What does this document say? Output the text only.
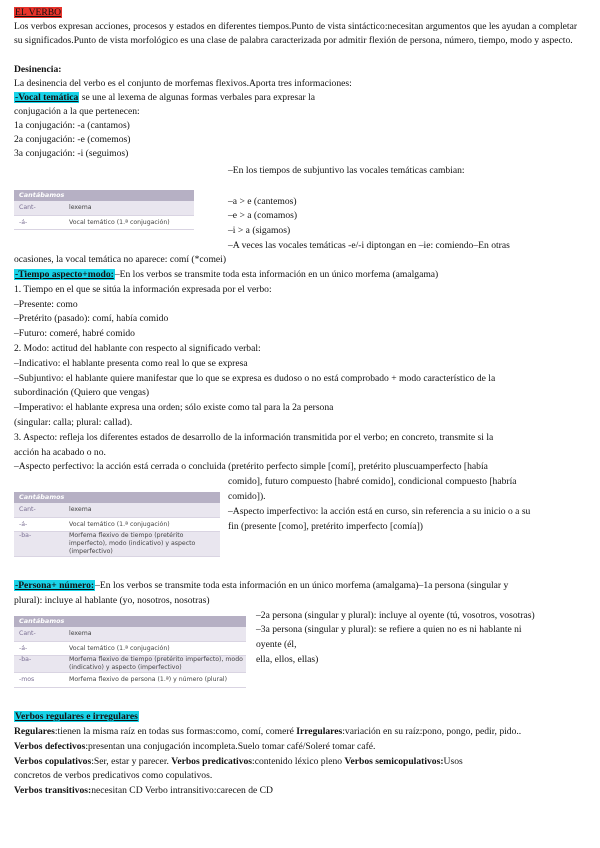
EL VERBO
Los verbos expresan acciones, procesos y estados en diferentes tiempos.Punto de vista sintáctico:necesitan argumentos que les ayudan a completar su significados.Punto de vista morfológico es una clase de palabra caracterizada por admitir flexión de persona, número, tiempo, modo y aspecto.
Desinencia:
La desinencia del verbo es el conjunto de morfemas flexivos.Aporta tres informaciones:
-Vocal temática se une al lexema de algunas formas verbales para expresar la
conjugación a la que pertenecen:
1a conjugación: -a (cantamos)
2a conjugación: -e (comemos)
3a conjugación: -i (seguimos)
–En los tiempos de subjuntivo las vocales temáticas cambian:
Cantábamos
Cant-	lexema
-á-	Vocal temático (1.ª conjugación)
–a > e (cantemos)
–e > a (comamos)
–i > a (sigamos)
–A veces las vocales temáticas -e/-i diptongan en –ie: comiendo–En otras
ocasiones, la vocal temática no aparece: comí (*comei)
-Tiempo aspecto+modo:–En los verbos se transmite toda esta información en un único morfema (amalgama)
1. Tiempo en el que se sitúa la información expresada por el verbo:
–Presente: como
–Pretérito (pasado): comí, había comido
–Futuro: comeré, habré comido
2. Modo: actitud del hablante con respecto al significado verbal:
–Indicativo: el hablante presenta como real lo que se expresa
–Subjuntivo: el hablante quiere manifestar que lo que se expresa es dudoso o no está comprobado + modo característico de la
subordinación (Quiero que vengas)
–Imperativo: el hablante expresa una orden; sólo existe como tal para la 2a persona
(singular: calla; plural: callad).
3. Aspecto: refleja los diferentes estados de desarrollo de la información transmitida por el verbo; en concreto, transmite si la
acción ha acabado o no.
–Aspecto perfectivo: la acción está cerrada o concluida (pretérito perfecto simple [comí], pretérito pluscuamperfecto [había
comido], futuro compuesto [habré comido], condicional compuesto [habría
comido]).
–Aspecto imperfectivo: la acción está en curso, sin referencia a su inicio o a su
fin (presente [como], pretérito imperfecto [comía])
Cantábamos
Cant-	lexema
-á-	Vocal temático (1.ª conjugación)
-ba-	Morfema flexivo de tiempo (pretérito imperfecto), modo (indicativo) y aspecto (imperfectivo)
-Persona+ número:–En los verbos se transmite toda esta información en un único morfema (amalgama)–1a persona (singular y
plural): incluye al hablante (yo, nosotros, nosotras)
–2a persona (singular y plural): incluye al oyente (tú, vosotros, vosotras)
–3a persona (singular y plural): se refiere a quien no es ni hablante ni
oyente (él,
ella, ellos, ellas)
Cantábamos
Cant-	lexema
-á-	Vocal temático (1.ª conjugación)
-ba-	Morfema flexivo de tiempo (pretérito imperfecto), modo (indicativo) y aspecto (imperfectivo)
-mos	Morfema flexivo de persona (1.ª) y número (plural)
Verbos regulares e irregulares
Regulares:tienen la misma raíz en todas sus formas:como, comí, comeré Irregulares:variación en su raíz:pono, pongo, pedir, pido..
Verbos defectivos:presentan una conjugación incompleta.Suelo tomar café/Soleré tomar café.
Verbos copulativos:Ser, estar y parecer. Verbos predicativos:contenido léxico pleno Verbos semicopulativos:Usos
concretos de verbos predicativos como copulativos.
Verbos transitivos:necesitan CD Verbo intransitivo:carecen de CD
